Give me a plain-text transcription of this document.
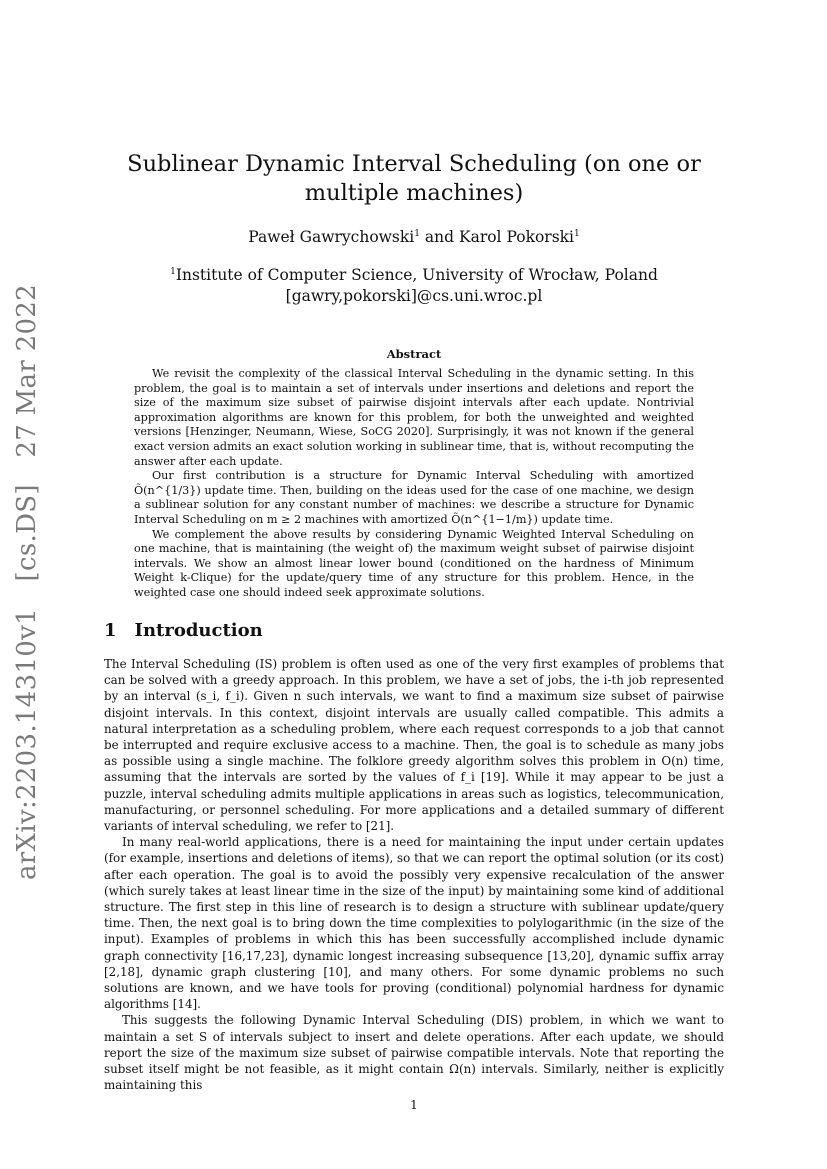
arXiv:2203.14310v1 [cs.DS] 27 Mar 2022
Sublinear Dynamic Interval Scheduling (on one or multiple machines)
Paweł Gawrychowski$^1$ and Karol Pokorski$^1$
$^1$Institute of Computer Science, University of Wrocław, Poland
[gawry,pokorski]@cs.uni.wroc.pl
Abstract

We revisit the complexity of the classical Interval Scheduling in the dynamic setting. In this problem, the goal is to maintain a set of intervals under insertions and deletions and report the size of the maximum size subset of pairwise disjoint intervals after each update. Nontrivial approximation algorithms are known for this problem, for both the unweighted and weighted versions [Henzinger, Neumann, Wiese, SoCG 2020]. Surprisingly, it was not known if the general exact version admits an exact solution working in sublinear time, that is, without recomputing the answer after each update.

Our first contribution is a structure for Dynamic Interval Scheduling with amortized Õ(n^{1/3}) update time. Then, building on the ideas used for the case of one machine, we design a sublinear solution for any constant number of machines: we describe a structure for Dynamic Interval Scheduling on m ≥ 2 machines with amortized Õ(n^{1−1/m}) update time.

We complement the above results by considering Dynamic Weighted Interval Scheduling on one machine, that is maintaining (the weight of) the maximum weight subset of pairwise disjoint intervals. We show an almost linear lower bound (conditioned on the hardness of Minimum Weight k-Clique) for the update/query time of any structure for this problem. Hence, in the weighted case one should indeed seek approximate solutions.

1 Introduction

The Interval Scheduling (IS) problem is often used as one of the very first examples of problems that can be solved with a greedy approach. In this problem, we have a set of jobs, the i-th job represented by an interval (s_i, f_i). Given n such intervals, we want to find a maximum size subset of pairwise disjoint intervals. In this context, disjoint intervals are usually called compatible. This admits a natural interpretation as a scheduling problem, where each request corresponds to a job that cannot be interrupted and require exclusive access to a machine. Then, the goal is to schedule as many jobs as possible using a single machine. The folklore greedy algorithm solves this problem in O(n) time, assuming that the intervals are sorted by the values of f_i [19]. While it may appear to be just a puzzle, interval scheduling admits multiple applications in areas such as logistics, telecommunication, manufacturing, or personnel scheduling. For more applications and a detailed summary of different variants of interval scheduling, we refer to [21].

In many real-world applications, there is a need for maintaining the input under certain updates (for example, insertions and deletions of items), so that we can report the optimal solution (or its cost) after each operation. The goal is to avoid the possibly very expensive recalculation of the answer (which surely takes at least linear time in the size of the input) by maintaining some kind of additional structure. The first step in this line of research is to design a structure with sublinear update/query time. Then, the next goal is to bring down the time complexities to polylogarithmic (in the size of the input). Examples of problems in which this has been successfully accomplished include dynamic graph connectivity [16,17,23], dynamic longest increasing subsequence [13,20], dynamic suffix array [2,18], dynamic graph clustering [10], and many others. For some dynamic problems no such solutions are known, and we have tools for proving (conditional) polynomial hardness for dynamic algorithms [14].

This suggests the following Dynamic Interval Scheduling (DIS) problem, in which we want to maintain a set S of intervals subject to insert and delete operations. After each update, we should report the size of the maximum size subset of pairwise compatible intervals. Note that reporting the subset itself might be not feasible, as it might contain Ω(n) intervals. Similarly, neither is explicitly maintaining this

1
